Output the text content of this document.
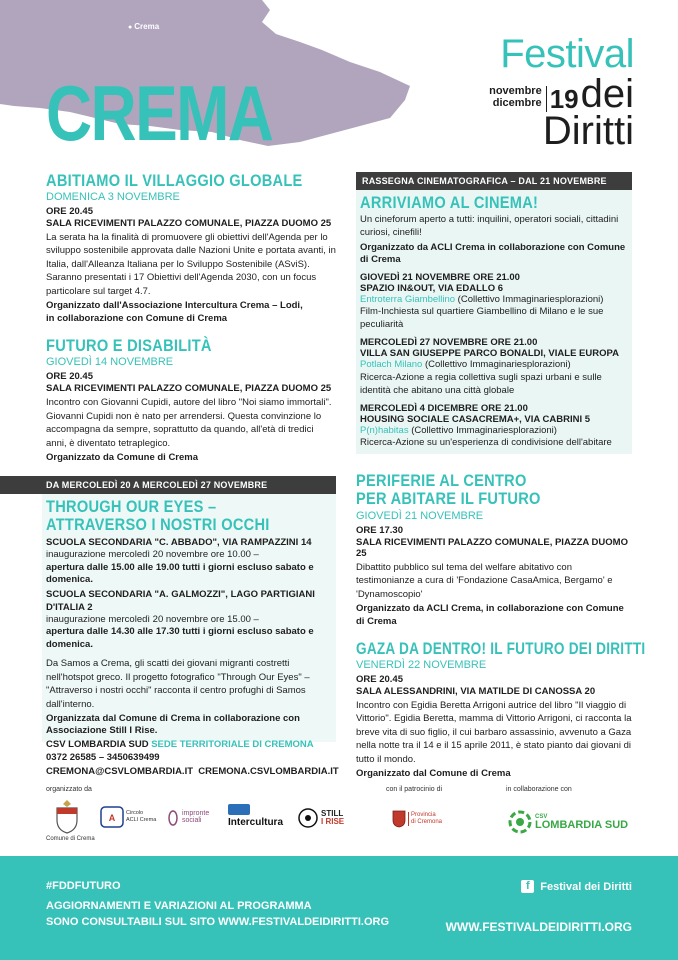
● Crema
CREMA
Festival
novembre
dicembre 19 dei
Diritti
ABITIAMO IL VILLAGGIO GLOBALE
DOMENICA 3 NOVEMBRE
ORE 20.45
SALA RICEVIMENTI PALAZZO COMUNALE, PIAZZA DUOMO 25
La serata ha la finalità di promuovere gli obiettivi dell'Agenda per lo sviluppo sostenibile approvata dalle Nazioni Unite e portata avanti, in Italia, dall'Alleanza Italiana per lo Sviluppo Sostenibile (ASviS). Saranno presentati i 17 Obiettivi dell'Agenda 2030, con un focus particolare sul target 4.7.
Organizzato dall'Associazione Intercultura Crema – Lodi,
in collaborazione con Comune di Crema
FUTURO E DISABILITÀ
GIOVEDÌ 14 NOVEMBRE
ORE 20.45
SALA RICEVIMENTI PALAZZO COMUNALE, PIAZZA DUOMO 25
Incontro con Giovanni Cupidi, autore del libro "Noi siamo immortali". Giovanni Cupidi non è nato per arrendersi. Questa convinzione lo accompagna da sempre, soprattutto da quando, all'età di tredici anni, è diventato tetraplegico.
Organizzato da Comune di Crema
DA MERCOLEDÌ 20 A MERCOLEDÌ 27 NOVEMBRE
THROUGH OUR EYES –
ATTRAVERSO I NOSTRI OCCHI
SCUOLA SECONDARIA "C. ABBADO", VIA RAMPAZZINI 14
inaugurazione mercoledì 20 novembre ore 10.00 –
apertura dalle 15.00 alle 19.00 tutti i giorni escluso sabato e domenica.
SCUOLA SECONDARIA "A. GALMOZZI", LAGO PARTIGIANI D'ITALIA 2
inaugurazione mercoledì 20 novembre ore 15.00 –
apertura dalle 14.30 alle 17.30 tutti i giorni escluso sabato e domenica.
Da Samos a Crema, gli scatti dei giovani migranti costretti nell'hotspot greco. Il progetto fotografico "Through Our Eyes" – "Attraverso i nostri occhi" racconta il centro profughi di Samos dall'interno.
Organizzata dal Comune di Crema in collaborazione con Associazione Still I Rise.
CSV LOMBARDIA SUD SEDE TERRITORIALE DI CREMONA
0372 26585 – 3450639499
CREMONA@CSVLOMBARDIA.IT CREMONA.CSVLOMBARDIA.IT
RASSEGNA CINEMATOGRAFICA – DAL 21 NOVEMBRE
ARRIVIAMO AL CINEMA!
Un cineforum aperto a tutti: inquilini, operatori sociali, cittadini curiosi, cinefili!
Organizzato da ACLI Crema in collaborazione con Comune di Crema
GIOVEDÌ 21 NOVEMBRE ORE 21.00
SPAZIO IN&OUT, VIA EDALLO 6
Entroterra Giambellino (Collettivo Immaginariesplorazioni)
Film-Inchiesta sul quartiere Giambellino di Milano e le sue peculiarità
MERCOLEDÌ 27 NOVEMBRE ORE 21.00
VILLA SAN GIUSEPPE PARCO BONALDI, VIALE EUROPA
Potlach Milano (Collettivo Immaginariesplorazioni)
Ricerca-Azione a regia collettiva sugli spazi urbani e sulle identità che abitano una città globale
MERCOLEDÌ 4 DICEMBRE ORE 21.00
HOUSING SOCIALE CASACREMA+, VIA CABRINI 5
P(n)habitas (Collettivo Immaginariesplorazioni)
Ricerca-Azione su un'esperienza di condivisione dell'abitare
PERIFERIE AL CENTRO
PER ABITARE IL FUTURO
GIOVEDÌ 21 NOVEMBRE
ORE 17.30
SALA RICEVIMENTI PALAZZO COMUNALE, PIAZZA DUOMO 25
Dibattito pubblico sul tema del welfare abitativo con testimonianze a cura di 'Fondazione CasaAmica, Bergamo' e 'Dynamoscopio'
Organizzato da ACLI Crema, in collaborazione con Comune di Crema
GAZA DA DENTRO! IL FUTURO DEI DIRITTI
VENERDÌ 22 NOVEMBRE
ORE 20.45
SALA ALESSANDRINI, VIA MATILDE DI CANOSSA 20
Incontro con Egidia Beretta Arrigoni autrice del libro "Il viaggio di Vittorio". Egidia Beretta, mamma di Vittorio Arrigoni, ci racconta la breve vita di suo figlio, il cui barbaro assassinio, avvenuto a Gaza nella notte tra il 14 e il 15 aprile 2011, è stato pianto dai giovani di tutto il mondo.
Organizzato dal Comune di Crema
organizzato da	con il patrocinio di	in collaborazione con
Comune di Crema
A Circolo
ACLI Crema
impronte
sociali	Intercultura
STILL
I RISE
Provincia
di Cremona
CSV
LOMBARDIA SUD
#FDDFUTURO
AGGIORNAMENTI E VARIAZIONI AL PROGRAMMA
SONO CONSULTABILI SUL SITO WWW.FESTIVALDEIDIRITTI.ORG
f Festival dei Diritti
WWW.FESTIVALDEIDIRITTI.ORG
